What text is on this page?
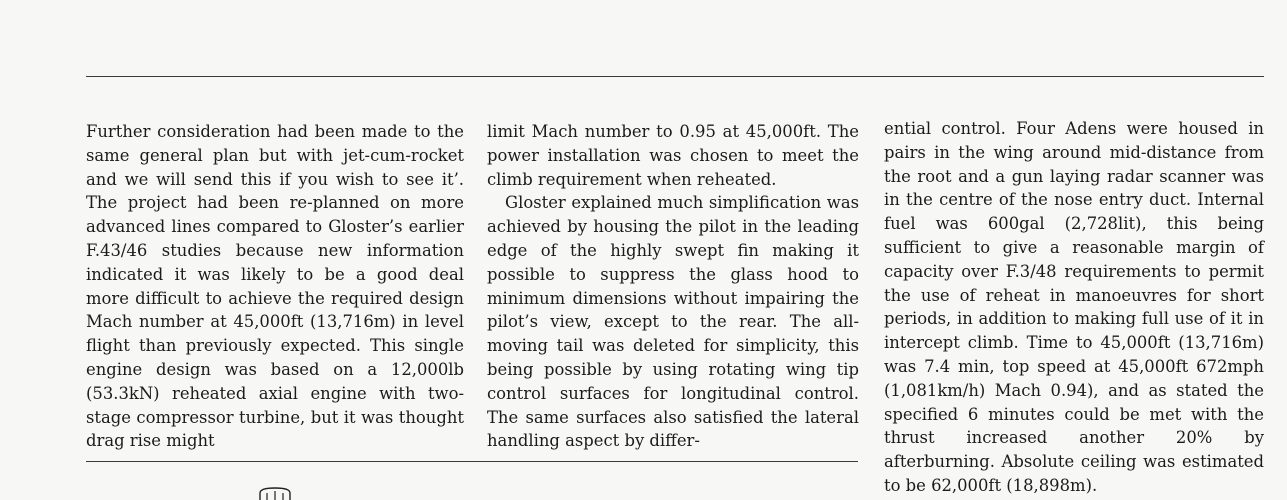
Further consideration had been made to the same general plan but with jet-cum-rocket and we will send this if you wish to see it’. The project had been re-planned on more advanced lines compared to Gloster’s earlier F.43/46 studies because new information indicated it was likely to be a good deal more difficult to achieve the required design Mach number at 45,000ft (13,716m) in level flight than previously expected. This single engine design was based on a 12,000lb (53.3kN) reheated axial engine with two-stage compressor turbine, but it was thought drag rise might

limit Mach number to 0.95 at 45,000ft. The power installation was chosen to meet the climb requirement when reheated.

Gloster explained much simplification was achieved by housing the pilot in the leading edge of the highly swept fin making it possible to suppress the glass hood to minimum dimensions without impairing the pilot’s view, except to the rear. The all-moving tail was deleted for simplicity, this being possible by using rotating wing tip control surfaces for longitudinal control. The same surfaces also satisfied the lateral handling aspect by differ-

ential control. Four Adens were housed in pairs in the wing around mid-distance from the root and a gun laying radar scanner was in the centre of the nose entry duct. Internal fuel was 600gal (2,728lit), this being sufficient to give a reasonable margin of capacity over F.3/48 requirements to permit the use of reheat in manoeuvres for short periods, in addition to making full use of it in intercept climb. Time to 45,000ft (13,716m) was 7.4 min, top speed at 45,000ft 672mph (1,081km/h) Mach 0.94), and as stated the specified 6 minutes could be met with the thrust increased another 20% by afterburning. Absolute ceiling was estimated to be 62,000ft (18,898m).
